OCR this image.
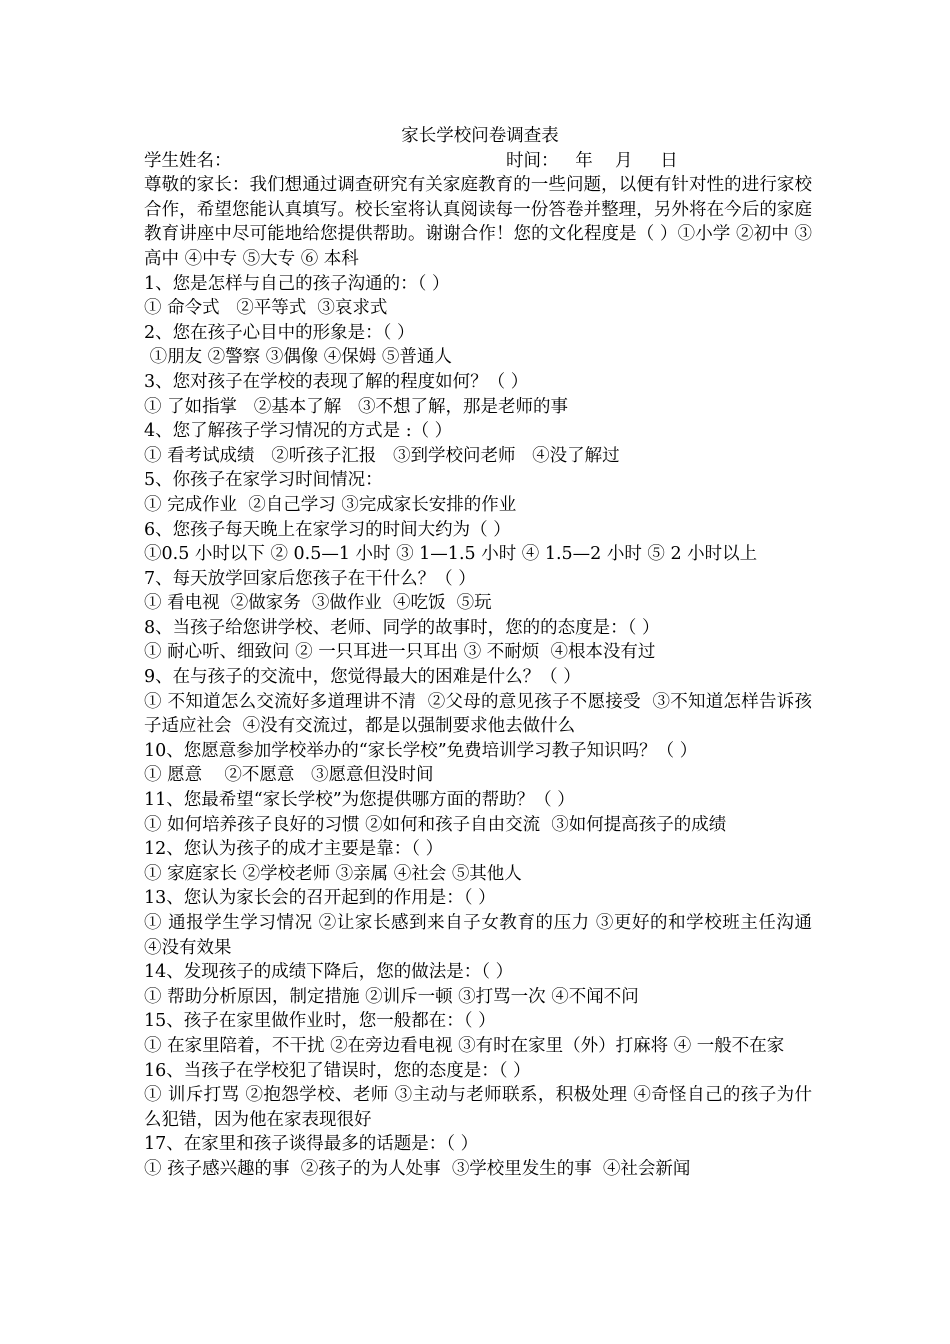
家长学校问卷调查表

学生姓名：	时间：   年    月     日

尊敬的家长：我们想通过调查研究有关家庭教育的一些问题，以便有针对性的进行家校合作，希望您能认真填写。校长室将认真阅读每一份答卷并整理，另外将在今后的家庭教育讲座中尽可能地给您提供帮助。谢谢合作！您的文化程度是（ ）①小学 ②初中 ③高中 ④中专 ⑤大专 ⑥ 本科

1、您是怎样与自己的孩子沟通的：（ ）

① 命令式   ②平等式  ③哀求式

2、您在孩子心目中的形象是：（ ）

①朋友 ②警察 ③偶像 ④保姆 ⑤普通人

3、您对孩子在学校的表现了解的程度如何？（ ）

① 了如指掌   ②基本了解   ③不想了解，那是老师的事

4、您了解孩子学习情况的方式是 :（ ）

① 看考试成绩   ②听孩子汇报   ③到学校问老师   ④没了解过

5、你孩子在家学习时间情况：

① 完成作业  ②自己学习 ③完成家长安排的作业

6、您孩子每天晚上在家学习的时间大约为（ ）

①0.5 小时以下 ② 0.5—1 小时 ③ 1—1.5 小时 ④ 1.5—2 小时 ⑤ 2 小时以上

7、每天放学回家后您孩子在干什么？（ ）

① 看电视  ②做家务  ③做作业  ④吃饭  ⑤玩

8、当孩子给您讲学校、老师、同学的故事时，您的的态度是：（ ）

① 耐心听、细致问 ② 一只耳进一只耳出 ③ 不耐烦  ④根本没有过

9、在与孩子的交流中，您觉得最大的困难是什么？（ ）

① 不知道怎么交流好多道理讲不清  ②父母的意见孩子不愿接受  ③不知道怎样告诉孩子适应社会  ④没有交流过，都是以强制要求他去做什么

10、您愿意参加学校举办的“家长学校”免费培训学习教子知识吗？（ ）

① 愿意    ②不愿意   ③愿意但没时间

11、您最希望“家长学校”为您提供哪方面的帮助？（ ）

① 如何培养孩子良好的习惯 ②如何和孩子自由交流  ③如何提高孩子的成绩

12、您认为孩子的成才主要是靠：（ ）

① 家庭家长 ②学校老师 ③亲属 ④社会 ⑤其他人

13、您认为家长会的召开起到的作用是：（ ）

① 通报学生学习情况 ②让家长感到来自子女教育的压力 ③更好的和学校班主任沟通  ④没有效果

14、发现孩子的成绩下降后，您的做法是：（ ）

① 帮助分析原因，制定措施 ②训斥一顿 ③打骂一次 ④不闻不问

15、孩子在家里做作业时，您一般都在：（ ）

① 在家里陪着，不干扰 ②在旁边看电视 ③有时在家里（外）打麻将 ④ 一般不在家

16、当孩子在学校犯了错误时，您的态度是：（ ）

① 训斥打骂 ②抱怨学校、老师 ③主动与老师联系，积极处理 ④奇怪自己的孩子为什么犯错，因为他在家表现很好

17、在家里和孩子谈得最多的话题是：（ ）

① 孩子感兴趣的事  ②孩子的为人处事  ③学校里发生的事  ④社会新闻
